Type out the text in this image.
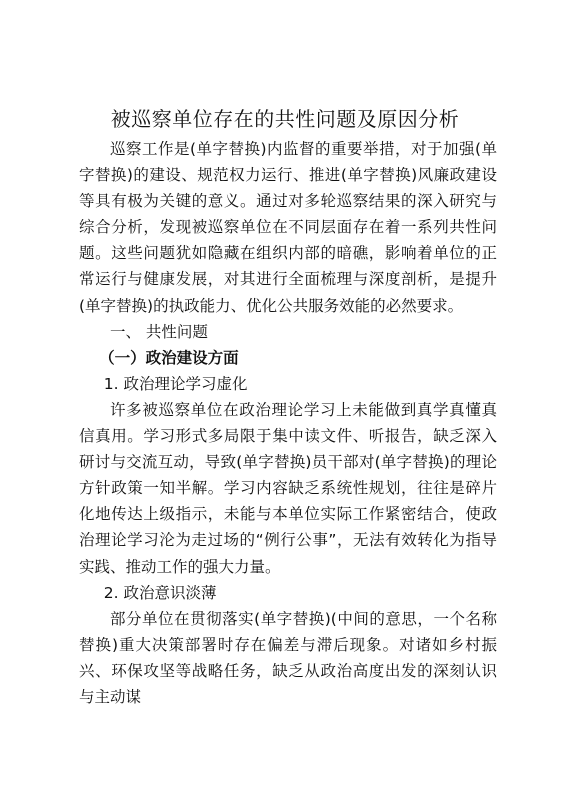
被巡察单位存在的共性问题及原因分析

巡察工作是(单字替换)内监督的重要举措，对于加强(单字替换)的建设、规范权力运行、推进(单字替换)风廉政建设等具有极为关键的意义。通过对多轮巡察结果的深入研究与综合分析，发现被巡察单位在不同层面存在着一系列共性问题。这些问题犹如隐藏在组织内部的暗礁，影响着单位的正常运行与健康发展，对其进行全面梳理与深度剖析，是提升(单字替换)的执政能力、优化公共服务效能的必然要求。

一、 共性问题

（一）政治建设方面

1. 政治理论学习虚化

许多被巡察单位在政治理论学习上未能做到真学真懂真信真用。学习形式多局限于集中读文件、听报告，缺乏深入研讨与交流互动，导致(单字替换)员干部对(单字替换)的理论方针政策一知半解。学习内容缺乏系统性规划，往往是碎片化地传达上级指示，未能与本单位实际工作紧密结合，使政治理论学习沦为走过场的“例行公事”，无法有效转化为指导实践、推动工作的强大力量。

2. 政治意识淡薄

部分单位在贯彻落实(单字替换)(中间的意思，一个名称替换)重大决策部署时存在偏差与滞后现象。对诸如乡村振兴、环保攻坚等战略任务，缺乏从政治高度出发的深刻认识与主动谋
